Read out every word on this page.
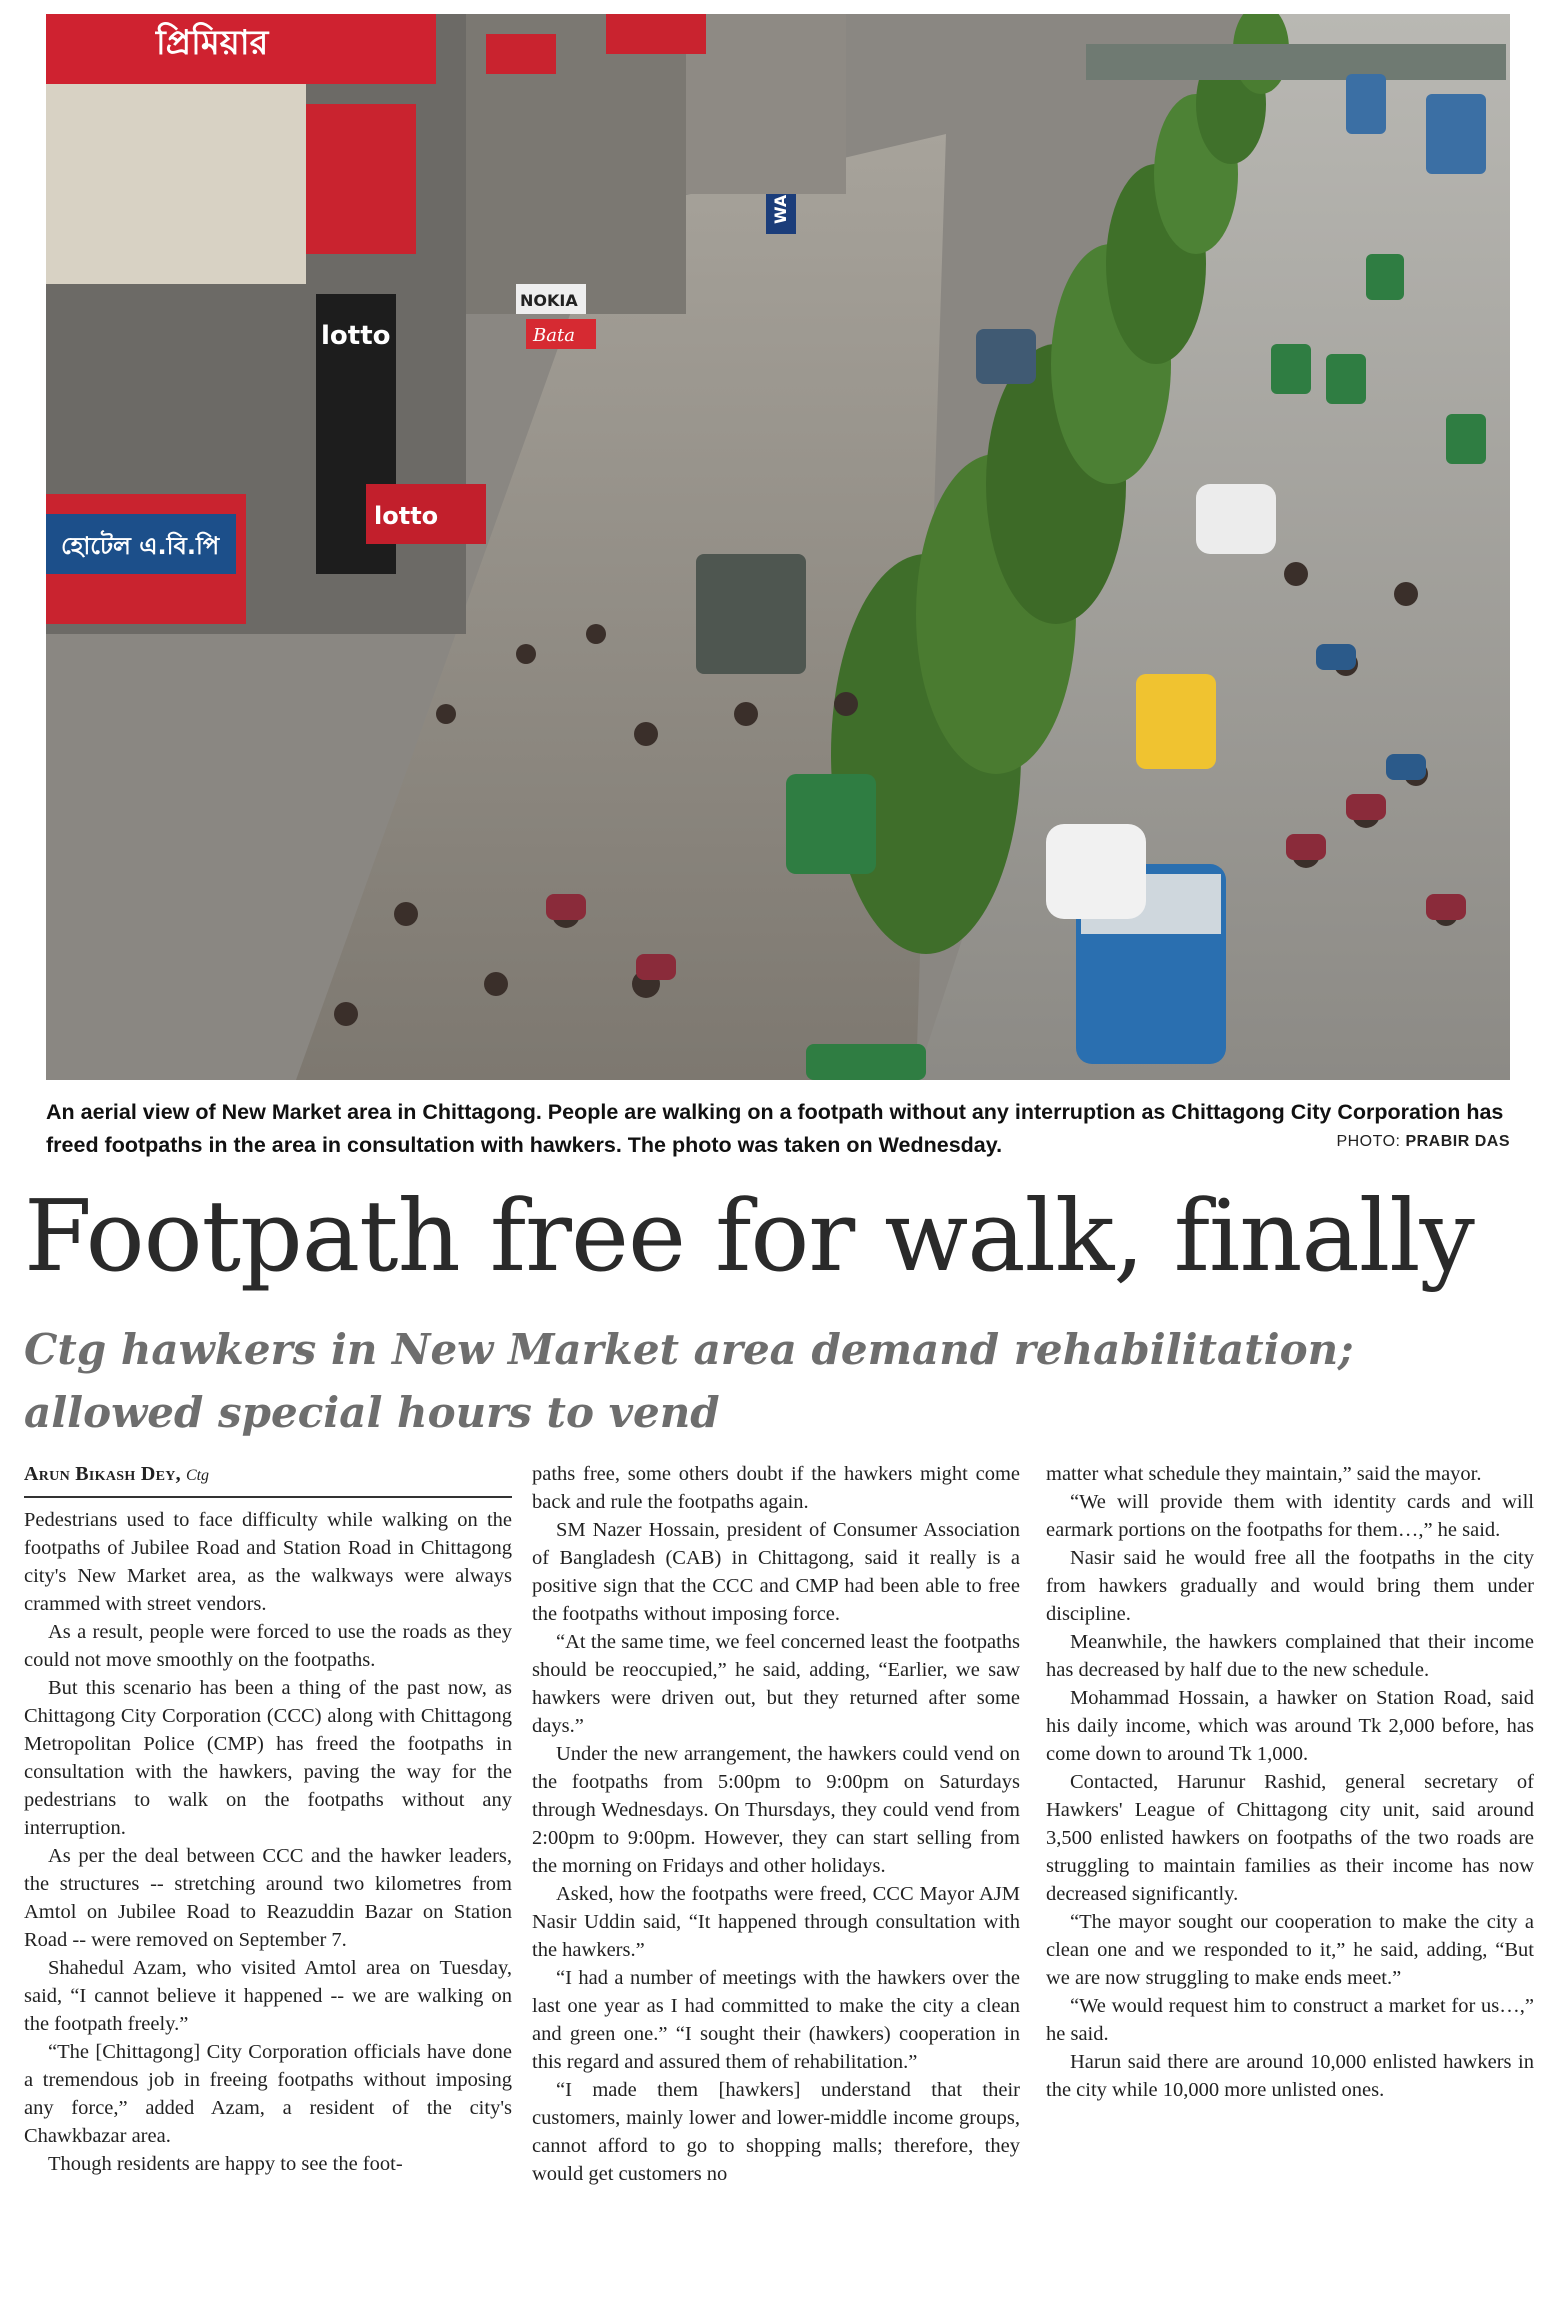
প্রিমিয়ার
হোটেল এ.বি.পি
lotto
lotto
NOKIA
Bata
An aerial view of New Market area in Chittagong. People are walking on a footpath without any interruption as Chittagong City Corporation has freed footpaths in the area in consultation with hawkers. The photo was taken on Wednesday.	PHOTO: PRABIR DAS
Footpath free for walk, finally
Ctg hawkers in New Market area demand rehabilitation; allowed special hours to vend
Arun Bikash Dey, Ctg

Pedestrians used to face difficulty while walking on the footpaths of Jubilee Road and Station Road in Chittagong city's New Market area, as the walkways were always crammed with street vendors.

As a result, people were forced to use the roads as they could not move smoothly on the footpaths.

But this scenario has been a thing of the past now, as Chittagong City Corporation (CCC) along with Chittagong Metropolitan Police (CMP) has freed the footpaths in consultation with the hawkers, paving the way for the pedestrians to walk on the footpaths without any interruption.

As per the deal between CCC and the hawker leaders, the structures -- stretching around two kilometres from Amtol on Jubilee Road to Reazuddin Bazar on Station Road -- were removed on September 7.

Shahedul Azam, who visited Amtol area on Tuesday, said, “I cannot believe it happened -- we are walking on the footpath freely.”

“The [Chittagong] City Corporation officials have done a tremendous job in freeing footpaths without imposing any force,” added Azam, a resident of the city's Chawkbazar area.

Though residents are happy to see the foot-

paths free, some others doubt if the hawkers might come back and rule the footpaths again.

SM Nazer Hossain, president of Consumer Association of Bangladesh (CAB) in Chittagong, said it really is a positive sign that the CCC and CMP had been able to free the footpaths without imposing force.

“At the same time, we feel concerned least the footpaths should be reoccupied,” he said, adding, “Earlier, we saw hawkers were driven out, but they returned after some days.”

Under the new arrangement, the hawkers could vend on the footpaths from 5:00pm to 9:00pm on Saturdays through Wednesdays. On Thursdays, they could vend from 2:00pm to 9:00pm. However, they can start selling from the morning on Fridays and other holidays.

Asked, how the footpaths were freed, CCC Mayor AJM Nasir Uddin said, “It happened through consultation with the hawkers.”

“I had a number of meetings with the hawkers over the last one year as I had committed to make the city a clean and green one.” “I sought their (hawkers) cooperation in this regard and assured them of rehabilitation.”

“I made them [hawkers] understand that their customers, mainly lower and lower-middle income groups, cannot afford to go to shopping malls; therefore, they would get customers no

matter what schedule they maintain,” said the mayor.

“We will provide them with identity cards and will earmark portions on the footpaths for them…,” he said.

Nasir said he would free all the footpaths in the city from hawkers gradually and would bring them under discipline.

Meanwhile, the hawkers complained that their income has decreased by half due to the new schedule.

Mohammad Hossain, a hawker on Station Road, said his daily income, which was around Tk 2,000 before, has come down to around Tk 1,000.

Contacted, Harunur Rashid, general secretary of Hawkers' League of Chittagong city unit, said around 3,500 enlisted hawkers on footpaths of the two roads are struggling to maintain families as their income has now decreased significantly.

“The mayor sought our cooperation to make the city a clean one and we responded to it,” he said, adding, “But we are now struggling to make ends meet.”

“We would request him to construct a market for us…,” he said.

Harun said there are around 10,000 enlisted hawkers in the city while 10,000 more unlisted ones.
